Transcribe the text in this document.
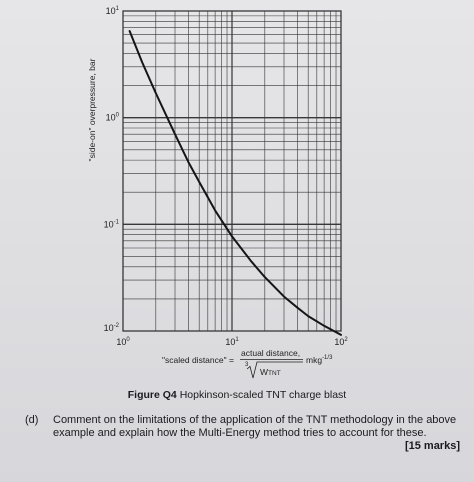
$10^0$	$10^1$	$10^2$
$10^1$
$10^0$
$10^{-1}$
$10^{-2}$
"side-on" overpressure, bar
"scaled distance" =
actual distance,
3
WTNT
mkg$^{-1/3}$
Figure Q4 Hopkinson-scaled TNT charge blast
(d) Comment on the limitations of the application of the TNT methodology in the above example and explain how the Multi-Energy method tries to account for these.
[15 marks]
